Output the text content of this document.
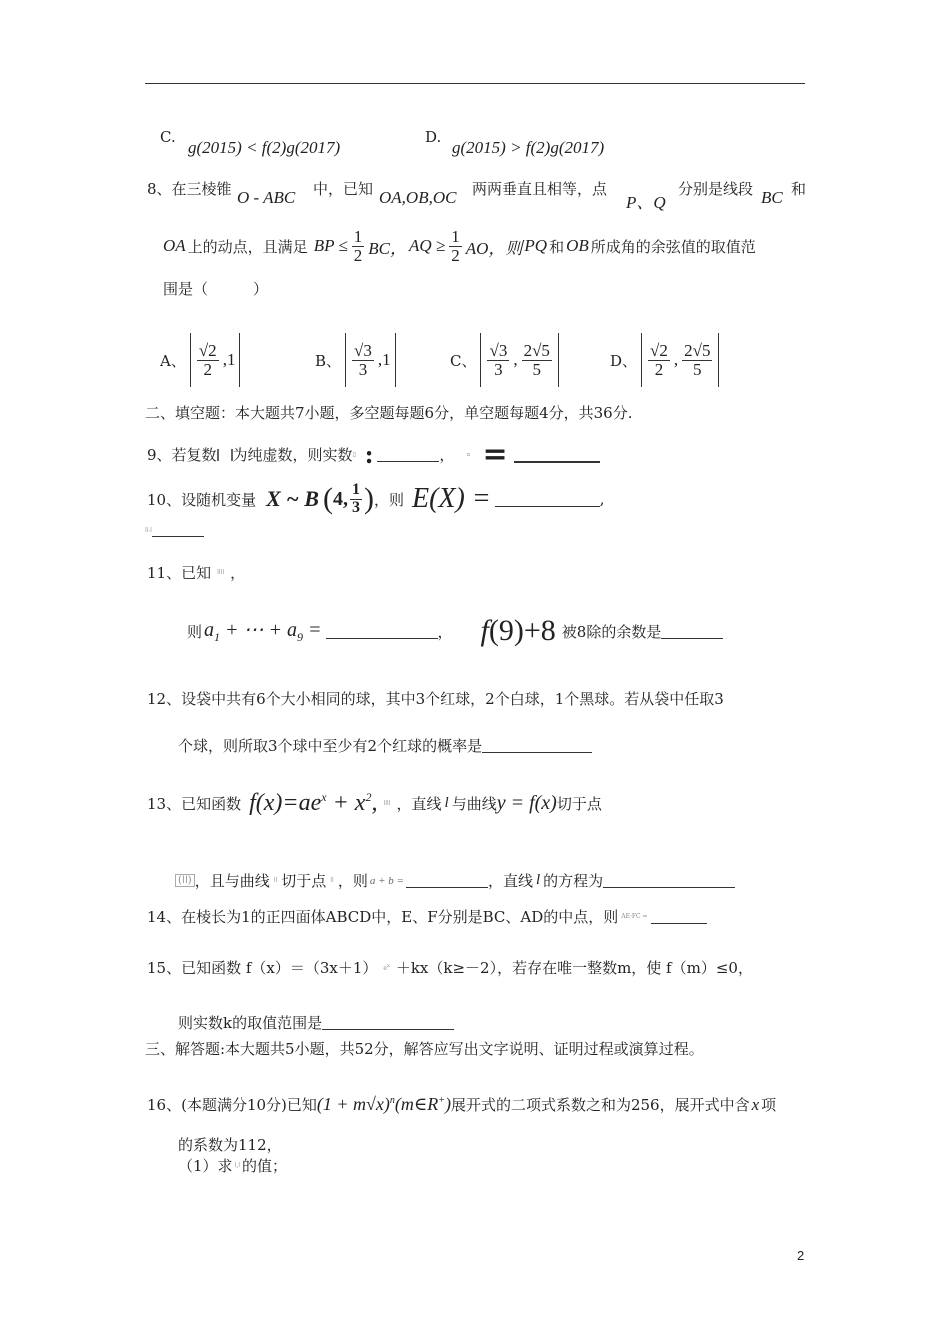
C.
g(2015) < f(2)g(2017)
D.
g(2015) > f(2)g(2017)
8、在三棱锥 O - ABC 中，已知 OA,OB,OC 两两垂直且相等，点
P、Q
分别是线段 BC 和
OA 上的动点，且满足 BP ≤ $\frac{1}{2}$ BC， AQ ≥ $\frac{1}{2}$ AO，则 PQ 和 OB 所成角的余弦值的取值范
围是（　　　）
A、 $\frac{√2}{2} ,1$	B、 $\frac{√3}{3} ,1$	C、 $\frac{√3}{3}$ , $\frac{2√5}{5}$	D、 $\frac{√2}{2}$ , $\frac{2√5}{5}$
二、填空题：本大题共7小题，多空题每题6分，单空题每题4分，共36分.
9、若复数 为纯虚数，则实数 ▯ :	， ▫ =
10、设随机变量 X ~ B ( 4, $\frac{1}{3}$ ) ，则 E(X) =	,
ǀǀ⸳ǀ
11、已知 ǀǀǀǀ ，
则 $a_1$ + ⋯ + $a_9$ =	， f (9)+8 被8除的余数是
12、设袋中共有6个大小相同的球，其中3个红球，2个白球，1个黑球。若从袋中任取3
个球，则所取3个球中至少有2个红球的概率是
13、已知函数 $f(x)=ae^x + x^2$, ǀǀǀǀ ，直线 l 与曲线 y = f(x) 切于点
(ǀǀ) ，且与曲线 ǀǀ 切于点 ǀǀ ，则 a + b =	，直线 l 的方程为
14、在棱长为1的正四面体ABCD中，E、F分别是BC、AD的中点，则 AE·FC =
15、已知函数 f（x）＝（3x＋1） $e^x +kx(k\ge-2)$，若存在唯一整数m，使 f（m）≤0，
则实数k的取值范围是
三、解答题:本大题共5小题，共52分，解答应写出文字说明、证明过程或演算过程。
16、(本题满分10分)已知 $(1 + m√x)^n(m\in R^+)$ 展开式的二项式系数之和为256，展开式中含 x 项
的系数为112，
（1）求 ǀ,ǀ 的值；
2
